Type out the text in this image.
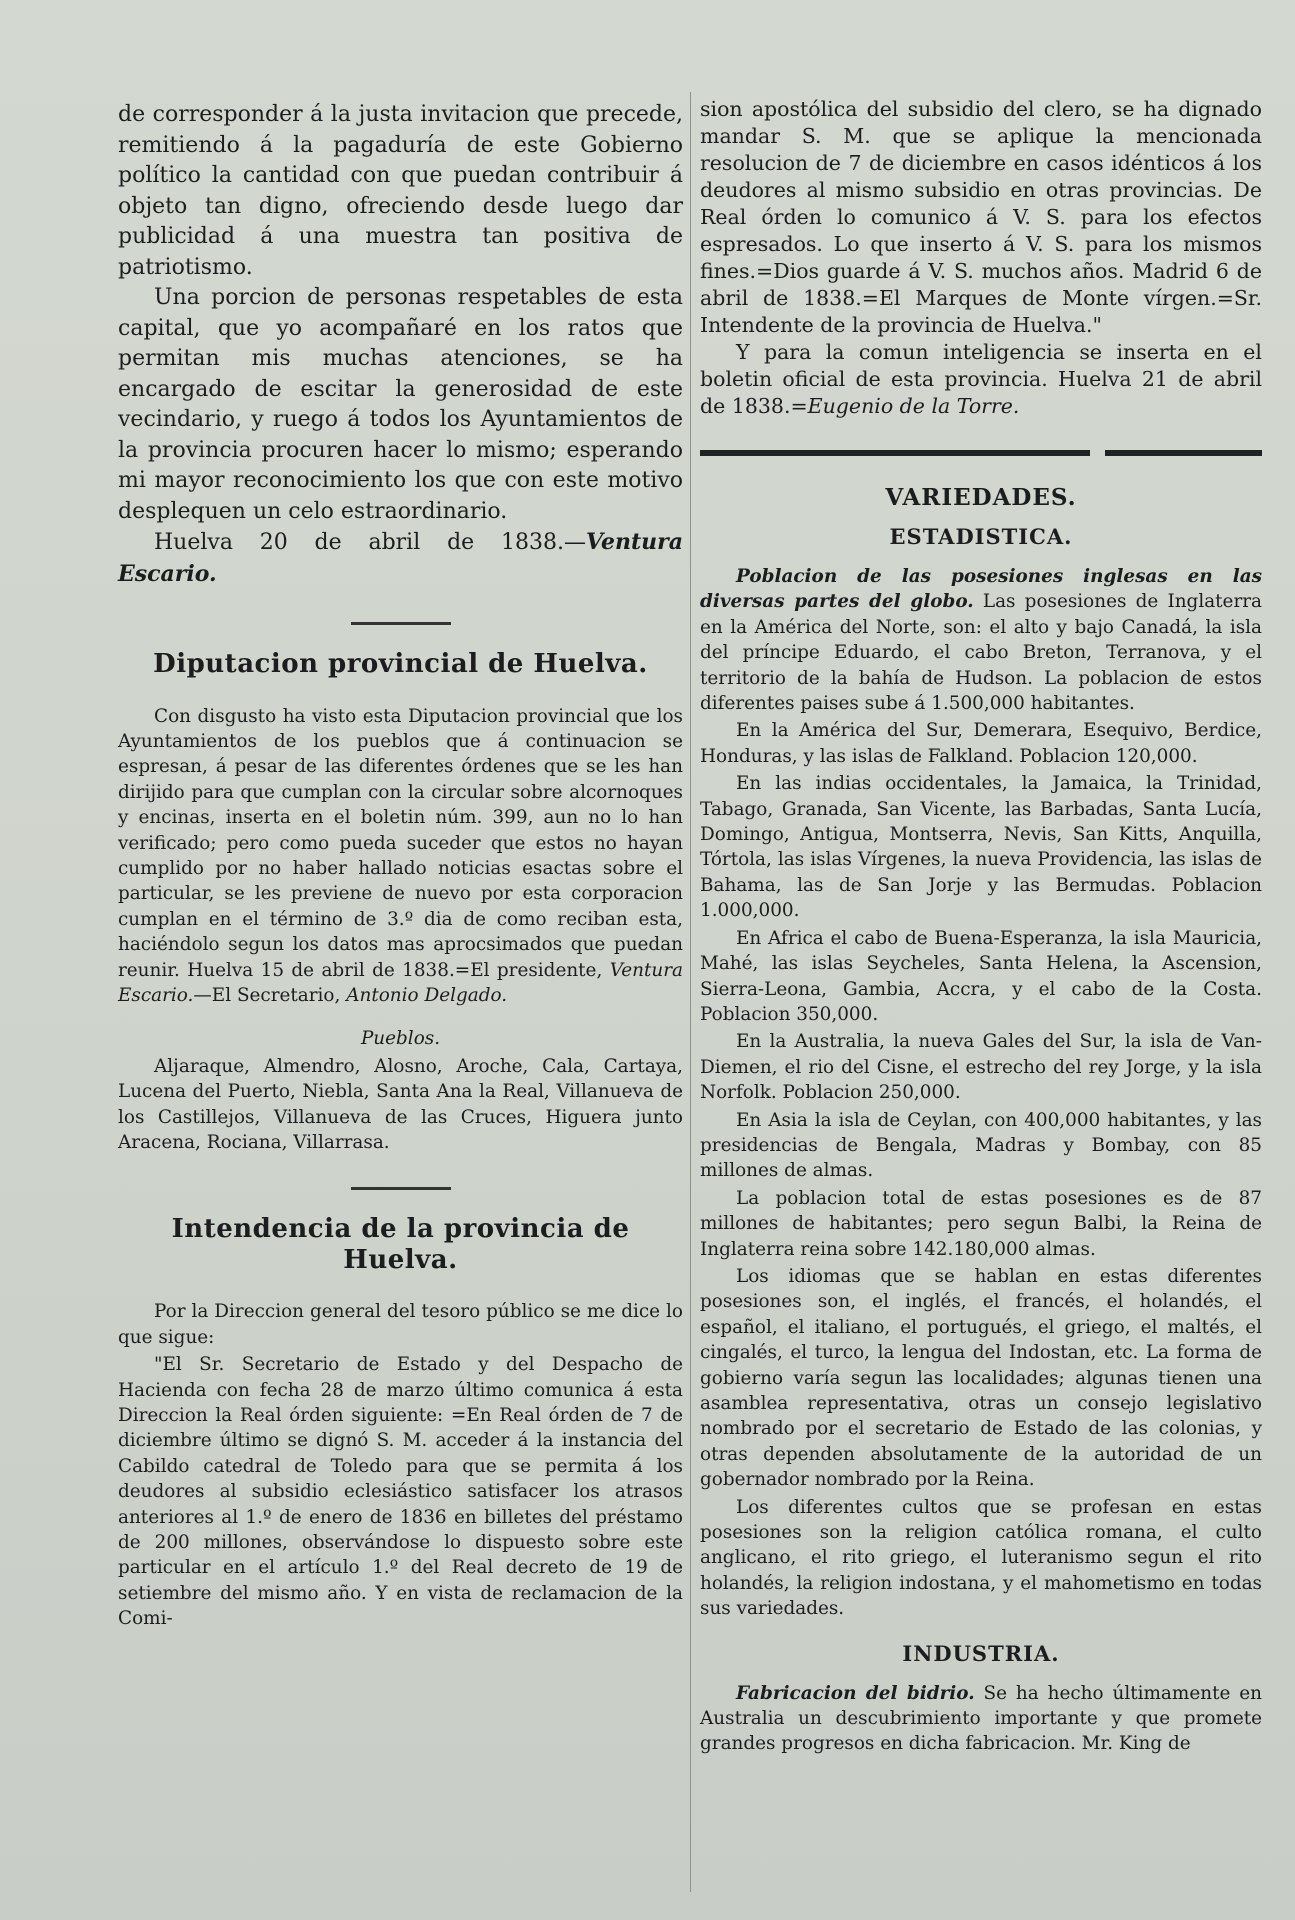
de corresponder á la justa invitacion que precede, remitiendo á la pagaduría de este Gobierno político la cantidad con que puedan contribuir á objeto tan digno, ofreciendo desde luego dar publicidad á una muestra tan positiva de patriotismo.

Una porcion de personas respetables de esta capital, que yo acompañaré en los ratos que permitan mis muchas atenciones, se ha encargado de escitar la generosidad de este vecindario, y ruego á todos los Ayuntamientos de la provincia procuren hacer lo mismo; esperando mi mayor reconocimiento los que con este motivo desplequen un celo estraordinario.

Huelva 20 de abril de 1838.—Ventura Escario.

Diputacion provincial de Huelva.

Con disgusto ha visto esta Diputacion provincial que los Ayuntamientos de los pueblos que á continuacion se espresan, á pesar de las diferentes órdenes que se les han dirijido para que cumplan con la circular sobre alcornoques y encinas, inserta en el boletin núm. 399, aun no lo han verificado; pero como pueda suceder que estos no hayan cumplido por no haber hallado noticias esactas sobre el particular, se les previene de nuevo por esta corporacion cumplan en el término de 3.º dia de como reciban esta, haciéndolo segun los datos mas aprocsimados que puedan reunir. Huelva 15 de abril de 1838.=El presidente, Ventura Escario.—El Secretario, Antonio Delgado.

Pueblos.

Aljaraque, Almendro, Alosno, Aroche, Cala, Cartaya, Lucena del Puerto, Niebla, Santa Ana la Real, Villanueva de los Castillejos, Villanueva de las Cruces, Higuera junto Aracena, Rociana, Villarrasa.

Intendencia de la provincia de Huelva.

Por la Direccion general del tesoro público se me dice lo que sigue:

"El Sr. Secretario de Estado y del Despacho de Hacienda con fecha 28 de marzo último comunica á esta Direccion la Real órden siguiente: =En Real órden de 7 de diciembre último se dignó S. M. acceder á la instancia del Cabildo catedral de Toledo para que se permita á los deudores al subsidio eclesiástico satisfacer los atrasos anteriores al 1.º de enero de 1836 en billetes del préstamo de 200 millones, observándose lo dispuesto sobre este particular en el artículo 1.º del Real decreto de 19 de setiembre del mismo año. Y en vista de reclamacion de la Comi-

sion apostólica del subsidio del clero, se ha dignado mandar S. M. que se aplique la mencionada resolucion de 7 de diciembre en casos idénticos á los deudores al mismo subsidio en otras provincias. De Real órden lo comunico á V. S. para los efectos espresados. Lo que inserto á V. S. para los mismos fines.=Dios guarde á V. S. muchos años. Madrid 6 de abril de 1838.=El Marques de Monte vírgen.=Sr. Intendente de la provincia de Huelva."

Y para la comun inteligencia se inserta en el boletin oficial de esta provincia. Huelva 21 de abril de 1838.=Eugenio de la Torre.

VARIEDADES.
ESTADISTICA.

Poblacion de las posesiones inglesas en las diversas partes del globo. Las posesiones de Inglaterra en la América del Norte, son: el alto y bajo Canadá, la isla del príncipe Eduardo, el cabo Breton, Terranova, y el territorio de la bahía de Hudson. La poblacion de estos diferentes paises sube á 1.500,000 habitantes.

En la América del Sur, Demerara, Esequivo, Berdice, Honduras, y las islas de Falkland. Poblacion 120,000.

En las indias occidentales, la Jamaica, la Trinidad, Tabago, Granada, San Vicente, las Barbadas, Santa Lucía, Domingo, Antigua, Montserra, Nevis, San Kitts, Anquilla, Tórtola, las islas Vírgenes, la nueva Providencia, las islas de Bahama, las de San Jorje y las Bermudas. Poblacion 1.000,000.

En Africa el cabo de Buena-Esperanza, la isla Mauricia, Mahé, las islas Seycheles, Santa Helena, la Ascension, Sierra-Leona, Gambia, Accra, y el cabo de la Costa. Poblacion 350,000.

En la Australia, la nueva Gales del Sur, la isla de Van-Diemen, el rio del Cisne, el estrecho del rey Jorge, y la isla Norfolk. Poblacion 250,000.

En Asia la isla de Ceylan, con 400,000 habitantes, y las presidencias de Bengala, Madras y Bombay, con 85 millones de almas.

La poblacion total de estas posesiones es de 87 millones de habitantes; pero segun Balbi, la Reina de Inglaterra reina sobre 142.180,000 almas.

Los idiomas que se hablan en estas diferentes posesiones son, el inglés, el francés, el holandés, el español, el italiano, el portugués, el griego, el maltés, el cingalés, el turco, la lengua del Indostan, etc. La forma de gobierno varía segun las localidades; algunas tienen una asamblea representativa, otras un consejo legislativo nombrado por el secretario de Estado de las colonias, y otras dependen absolutamente de la autoridad de un gobernador nombrado por la Reina.

Los diferentes cultos que se profesan en estas posesiones son la religion católica romana, el culto anglicano, el rito griego, el luteranismo segun el rito holandés, la religion indostana, y el mahometismo en todas sus variedades.

INDUSTRIA.

Fabricacion del bidrio. Se ha hecho últimamente en Australia un descubrimiento importante y que promete grandes progresos en dicha fabricacion. Mr. King de
